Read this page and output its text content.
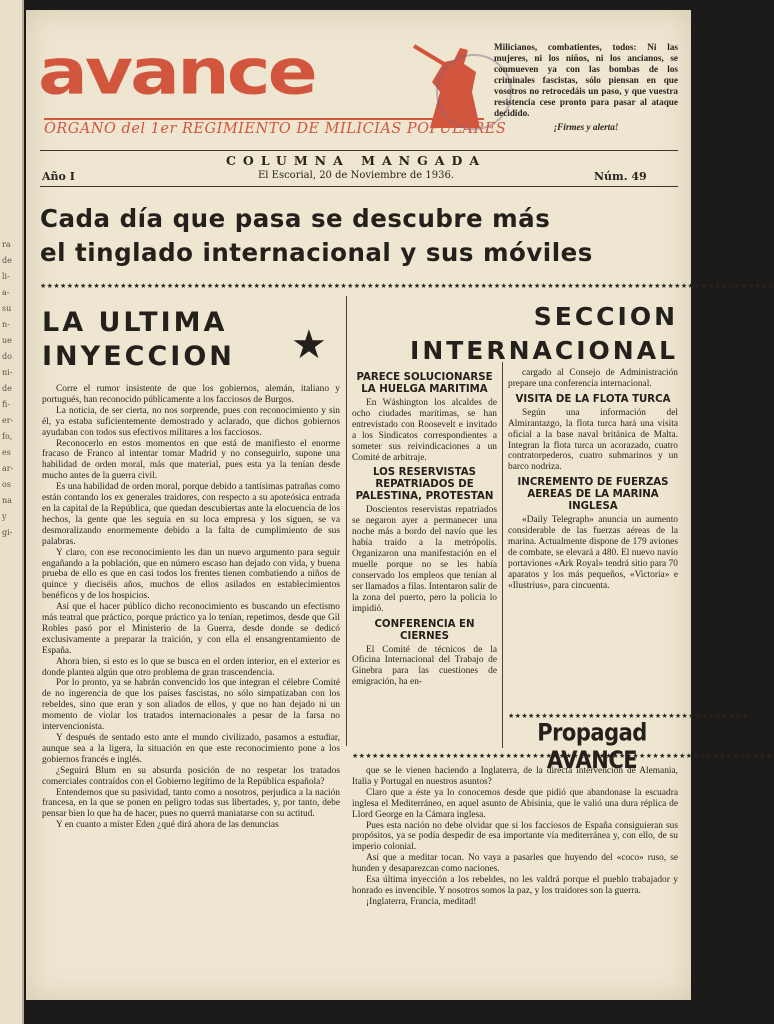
ra
de
li-
a-
su
n-
ue
do
ni-
de
fi-
er-
fo,
es
ar-
os
na
y
gi-
avance
ÓRGANO del 1er REGIMIENTO DE MILICIAS POPULARES
Milicianos, combatientes, todos: Ni las mujeres, ni los niños, ni los ancianos, se conmueven ya con las bombas de los criminales fascistas, sólo piensan en que vosotros no retrocedáis un paso, y que vuestra resistencia cese pronto para pasar al ataque decidido.
¡Firmes y alerta!
Año I
COLUMNA MANGADA
El Escorial, 20 de Noviembre de 1936.	Núm. 49
Cada día que pasa se descubre más
el tinglado internacional y sus móviles
★★★★★★★★★★★★★★★★★★★★★★★★★★★★★★★★★★★★★★★★★★★★★★★★★★★★★★★★★★★★★★★★★★★★★★★★★★★★★★★★★★★★★★★★★★★★★★★★★★★★★★★★★★★★★★
LA ULTIMA
INYECCION ★

Corre el rumor insistente de que los gobiernos, alemán, italiano y portugués, han reconocido públicamente a los facciosos de Burgos.

La noticia, de ser cierta, no nos sorprende, pues con reconocimiento y sin él, ya estaba suficientemente demostrado y aclarado, que dichos gobiernos ayudaban con todos sus efectivos militares a los facciosos.

Reconocerlo en estos momentos en que está de manifiesto el enorme fracaso de Franco al intentar tomar Madrid y no conseguirlo, supone una habilidad de orden moral, más que material, pues esta ya la tenían desde mucho antes de la guerra civil.

Es una habilidad de orden moral, porque debido a tantísimas patrañas como están contando los ex generales traidores, con respecto a su apoteósica entrada en la capital de la República, que quedan descubiertas ante la elocuencia de los hechos, la gente que les seguía en su loca empresa y los siguen, se va desmoralizando enormemente debido a la falta de cumplimiento de sus palabras.

Y claro, con ese reconocimiento les dan un nuevo argumento para seguir engañando a la población, que en número escaso han dejado con vida, y buena prueba de ello es que en casi todos los frentes tienen combatiendo a niños de quince y dieciséis años, muchos de ellos asilados en establecimientos benéficos y de los hospicios.

Así que el hacer público dicho reconocimiento es buscando un efectismo más teatral que práctico, porque práctico ya lo tenían, repetimos, desde que Gil Robles pasó por el Ministerio de la Guerra, desde donde se dedicó exclusivamente a preparar la traición, y con ella el ensangrentamiento de España.

Ahora bien, si esto es lo que se busca en el orden interior, en el exterior es donde plantea algún que otro problema de gran trascendencia.

Por lo pronto, ya se habrán convencido los que integran el célebre Comité de no ingerencia de que los países fascistas, no sólo simpatizaban con los rebeldes, sino que eran y son aliados de ellos, y que no han dejado ni un momento de violar los tratados internacionales a pesar de la farsa no intervencionista.

Y después de sentado esto ante el mundo civilizado, pasamos a estudiar, aunque sea a la ligera, la situación en que este reconocimiento pone a los gobiernos francés e inglés.

¿Seguirá Blum en su absurda posición de no respetar los tratados comerciales contraídos con el Gobierno legítimo de la República española?

Entendemos que su pasividad, tanto como a nosotros, perjudica a la nación francesa, en la que se ponen en peligro todas sus libertades, y, por tanto, debe pensar bien lo que ha de hacer, pues no querrá maniatarse con su actitud.

Y en cuanto a míster Eden ¿qué dirá ahora de las denuncias

SECCION
INTERNACIONAL
PARECE SOLUCIONARSE LA HUELGA MARITIMA

En Wáshington los alcaldes de ocho ciudades marítimas, se han entrevistado con Roosevelt e invitado a los Sindicatos correspondientes a someter sus reivindicaciones a un Comité de arbitraje.

LOS RESERVISTAS REPATRIADOS DE PALESTINA, PROTESTAN

Doscientos reservistas repatriados se negaron ayer a permanecer una noche más a bordo del navío que les había traído a la metrópolis. Organizaron una manifestación en el muelle porque no se les había conservado los empleos que tenían al ser llamados a filas. Intentaron salir de la zona del puerto, pero la policía lo impidió.

CONFERENCIA EN CIERNES

El Comité de técnicos de la Oficina Internacional del Trabajo de Ginebra para las cuestiones de emigración, ha en-

cargado al Consejo de Administración prepare una conferencia internacional.

VISITA DE LA FLOTA TURCA

Según una información del Almirantazgo, la flota turca hará una visita oficial a la base naval británica de Malta. Integran la flota turca un acorazado, cuatro contratorpederos, cuatro submarinos y un barco nodriza.

INCREMENTO DE FUERZAS AEREAS DE LA MARINA INGLESA

«Daily Telegraph» anuncia un aumento considerable de las fuerzas aéreas de la marina. Actualmente dispone de 179 aviones de combate, se elevará a 480. El nuevo navío portaviones «Ark Royal» tendrá sitio para 70 aparatos y los más pequeños, «Victoria» e «Ilustrius», para cincuenta.

★★★★★★★★★★★★★★★★★★★★★★★★★★★★★★★★★★★★
Propagad AVANCE
★★★★★★★★★★★★★★★★★★★★★★★★★★★★★★★★★★★★★★★★★★★★★★★★★★★★★★★★★★★★★★★

que se le vienen haciendo a Inglaterra, de la directa intervención de Alemania, Italia y Portugal en nuestros asuntos?

Claro que a éste ya lo conocemos desde que pidió que abandonase la escuadra inglesa el Mediterráneo, en aquel asunto de Abisinia, que le valió una dura réplica de Llord George en la Cámara inglesa.

Pues esta nación no debe olvidar que si los facciosos de España consiguieran sus propósitos, ya se podía despedir de esa importante vía mediterránea y, con ello, de su imperio colonial.

Así que a meditar tocan. No vaya a pasarles que huyendo del «coco» ruso, se hunden y desaparezcan como naciones.

Esa última inyección a los rebeldes, no les valdrá porque el pueblo trabajador y honrado es invencible. Y nosotros somos la paz, y los traidores son la guerra.

¡Inglaterra, Francia, meditad!
